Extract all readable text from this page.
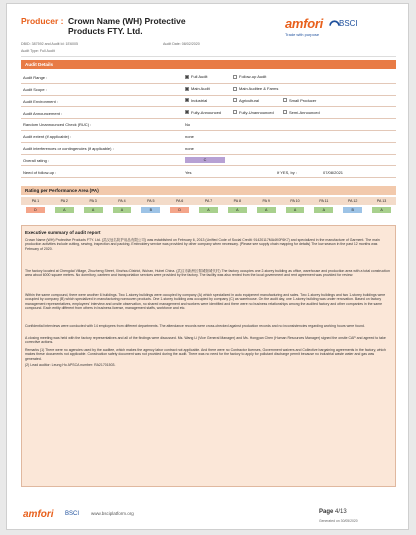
Producer : Crown Name (WH) Protective Products FTY. Ltd.	amfori BSCI
Trade with purpose
DBID: 387592 and Audit Id: 1E6005	Audit Date: 08/02/2020
Audit Type: Full Audit
Audit Details
Audit Range :	Full Audit	Follow-up Audit
Audit Scope :	Main Audit	Main Auditee & Farms
Audit Environment :	Industrial	Agricultural	Small Producer
Audit Announcement :	Fully-Announced	Fully-Unannounced	Semi-Announced
Random Unannounced Check (RUC) :	No
Audit extent (if applicable) :	none
Audit interferences or contingencies (if applicable) :	none
Overall rating :	C
Need of follow-up :	Yes	If YES, by :	07/08/2021
Rating per Performance Area (PA)
PA 1	PA 2	PA 3	PA 4	PA 5	PA 6	PA 7	PA 8	PA 9	PA 10	PA 11	PA 12	PA 13
D	A	A	A	B	D	A	A	A	A	A	B	A
Executive summary of audit report
Crown Name (WH) Protective Products FTY. Ltd. (武汉冠名防护用品有限公司) was established on February 6, 2013 (Unified Code of Social Credit: 91420117MA4K0F6K7) and specialized in the manufacture of Garment. The main production activities include cutting, sewing, inspection and packing. Embroidery service was provided by other company when necessary. (Please see supply chain mapping for details) The low season in the past 12 months was February of 2020.
The factory located at Chengdai Village, Zhuzheng Street, Xinzhou District, Wuhan, Hubei China. (武汉市新洲区邾城街城代村) The factory occupies one 2-storey building as office, warehouse and production area with a total construction area about 6000 square meters. No dormitory, canteen and transportation services were provided by the factory. The facility was also rented from the local government and rent agreement was provided for review.
Within the same compound, there were another 6 buildings. Two 1-storey buildings were occupied by company (A) which specialized in auto equipment manufacturing and sales. Two 1-storey buildings and two 1-storey buildings were occupied by company (B) which specialized in manufacturing nonwoven products. One 1-storey building was occupied by company (C) as warehouse. On the audit day, one 1-storey building was under renovation. Based on factory management representatives, employees' interview and onsite observation, no shared management and workers were identified and there were no business relationships among the audited factory and other companies in the same compound. Each entity different from others in business license, management staffs, workforce and etc.
Confidential interviews were conducted with 14 employees from different departments. The attendance records were cross-checked against production records and no inconsistencies regarding working hours were found.
A closing meeting was held with the factory representatives and all of the findings were discussed. Ms. Wang Li (Vice General Manager) and Ms. Hongyan Chen (Human Resources Manager) signed the onsite CAP and agreed to take corrective actions.
Remarks (1) There were no agencies used by the auditee, which makes the agency labor contract not applicable. And there were no Contractor licenses, Government waivers and Collective bargaining agreements in the factory, which makes these documents not applicable. Construction safety document was not provided during the audit. There was no need for the factory to apply for pollutant discharge permit because no industrial waste water and gas was generated.
(2) Lead auditor: Leung Ho APSCA number: RA21701503.
amfori BSCI	www.bsciplatform.org	Page 4/13
Generated on 30/05/2020
